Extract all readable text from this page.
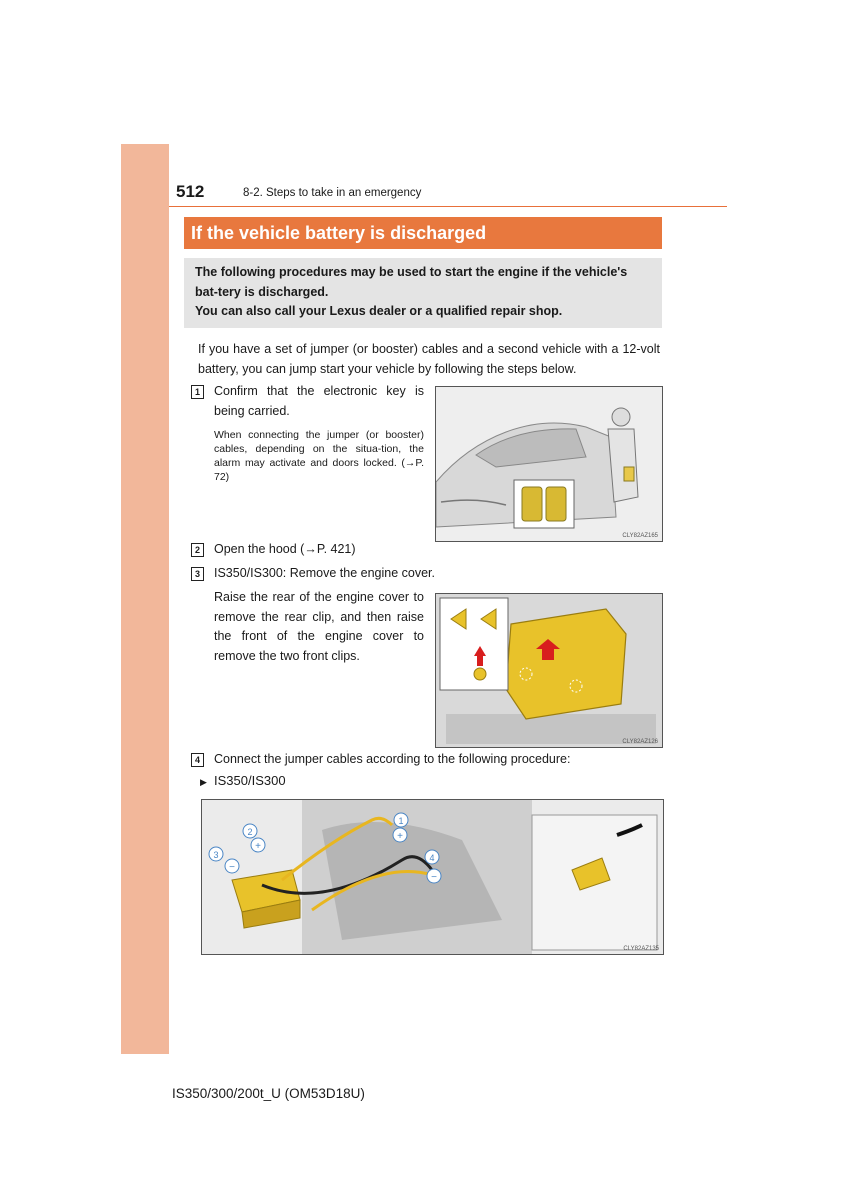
512	8-2. Steps to take in an emergency
If the vehicle battery is discharged

The following procedures may be used to start the engine if the vehicle's bat-tery is discharged.

You can also call your Lexus dealer or a qualified repair shop.

If you have a set of jumper (or booster) cables and a second vehicle with a 12-volt battery, you can jump start your vehicle by following the steps below.
1	Confirm that the electronic key is being carried.
When connecting the jumper (or booster) cables, depending on the situa-tion, the alarm may activate and doors locked. (→P. 72)
CLY82AZ165
2	Open the hood (→P. 421)
3	IS350/IS300: Remove the engine cover.
Raise the rear of the engine cover to remove the rear clip, and then raise the front of the engine cover to remove the two front clips.
CLY82AZ126
4	Connect the jumper cables according to the following procedure:
▶ IS350/IS300
2
+
3
−
1
+
4
−
CLY82AZ135
IS350/300/200t_U (OM53D18U)
